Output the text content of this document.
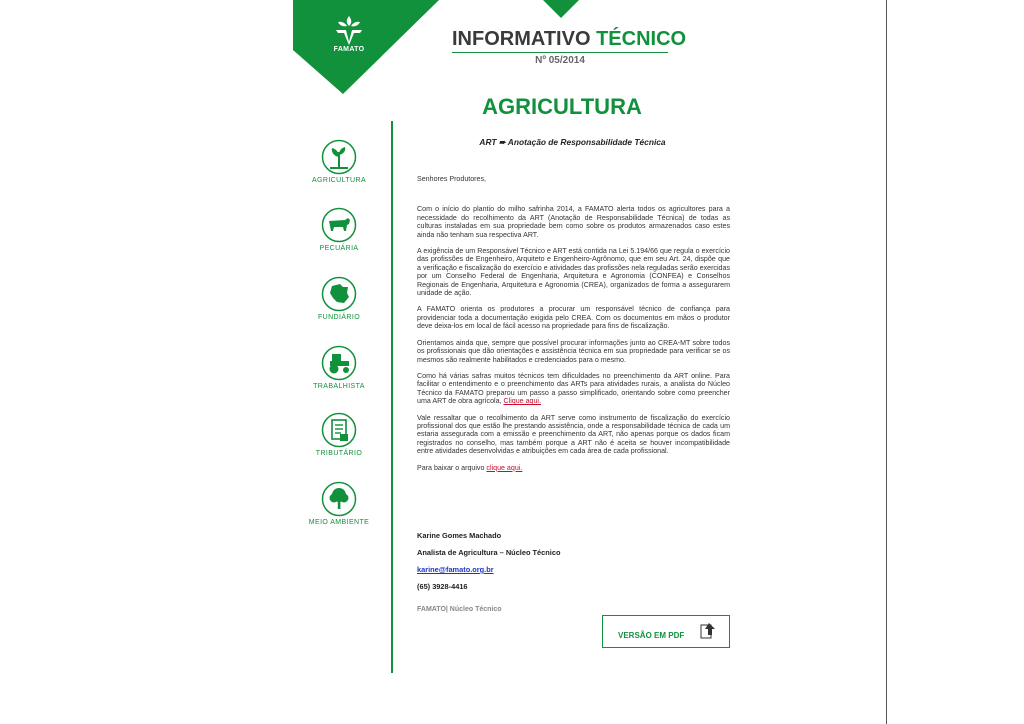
FAMATO	INFORMATIVO TÉCNICO
Nº 05/2014
AGRICULTURA
ART ➨ Anotação de Responsabilidade Técnica
AGRICULTURA
PECUÁRIA
FUNDIÁRIO
TRABALHISTA
TRIBUTÁRIO
MEIO AMBIENTE

Senhores Produtores,

Com o início do plantio do milho safrinha 2014, a FAMATO alerta todos os agricultores para a necessidade do recolhimento da ART (Anotação de Responsabilidade Técnica) de todas as culturas instaladas em sua propriedade bem como sobre os produtos armazenados caso estes ainda não tenham sua respectiva ART.

A exigência de um Responsável Técnico e ART está contida na Lei 5.194/66 que regula o exercício das profissões de Engenheiro, Arquiteto e Engenheiro-Agrônomo, que em seu Art. 24, dispõe que a verificação e fiscalização do exercício e atividades das profissões nela reguladas serão exercidas por um Conselho Federal de Engenharia, Arquitetura e Agronomia (CONFEA) e Conselhos Regionais de Engenharia, Arquitetura e Agronomia (CREA), organizados de forma a assegurarem unidade de ação.

A FAMATO orienta os produtores a procurar um responsável técnico de confiança para providenciar toda a documentação exigida pelo CREA. Com os documentos em mãos o produtor deve deixa-los em local de fácil acesso na propriedade para fins de fiscalização.

Orientamos ainda que, sempre que possível procurar informações junto ao CREA-MT sobre todos os profissionais que dão orientações e assistência técnica em sua propriedade para verificar se os mesmos são realmente habilitados e credenciados para o mesmo.

Como há várias safras muitos técnicos tem dificuldades no preenchimento da ART online. Para facilitar o entendimento e o preenchimento das ARTs para atividades rurais, a analista do Núcleo Técnico da FAMATO preparou um passo a passo simplificado, orientando sobre como preencher uma ART de obra agrícola, Clique aqui.

Vale ressaltar que o recolhimento da ART serve como instrumento de fiscalização do exercício profissional dos que estão lhe prestando assistência, onde a responsabilidade técnica de cada um estaria assegurada com a emissão e preenchimento da ART, não apenas porque os dados ficam registrados no conselho, mas também porque a ART não é aceita se houver incompatibilidade entre atividades desenvolvidas e atribuições em cada área de cada profissional.

Para baixar o arquivo clique aqui.

Karine Gomes Machado
Analista de Agricultura – Núcleo Técnico
karine@famato.org.br
(65) 3928-4416
FAMATO| Núcleo Técnico
VERSÃO EM PDF
